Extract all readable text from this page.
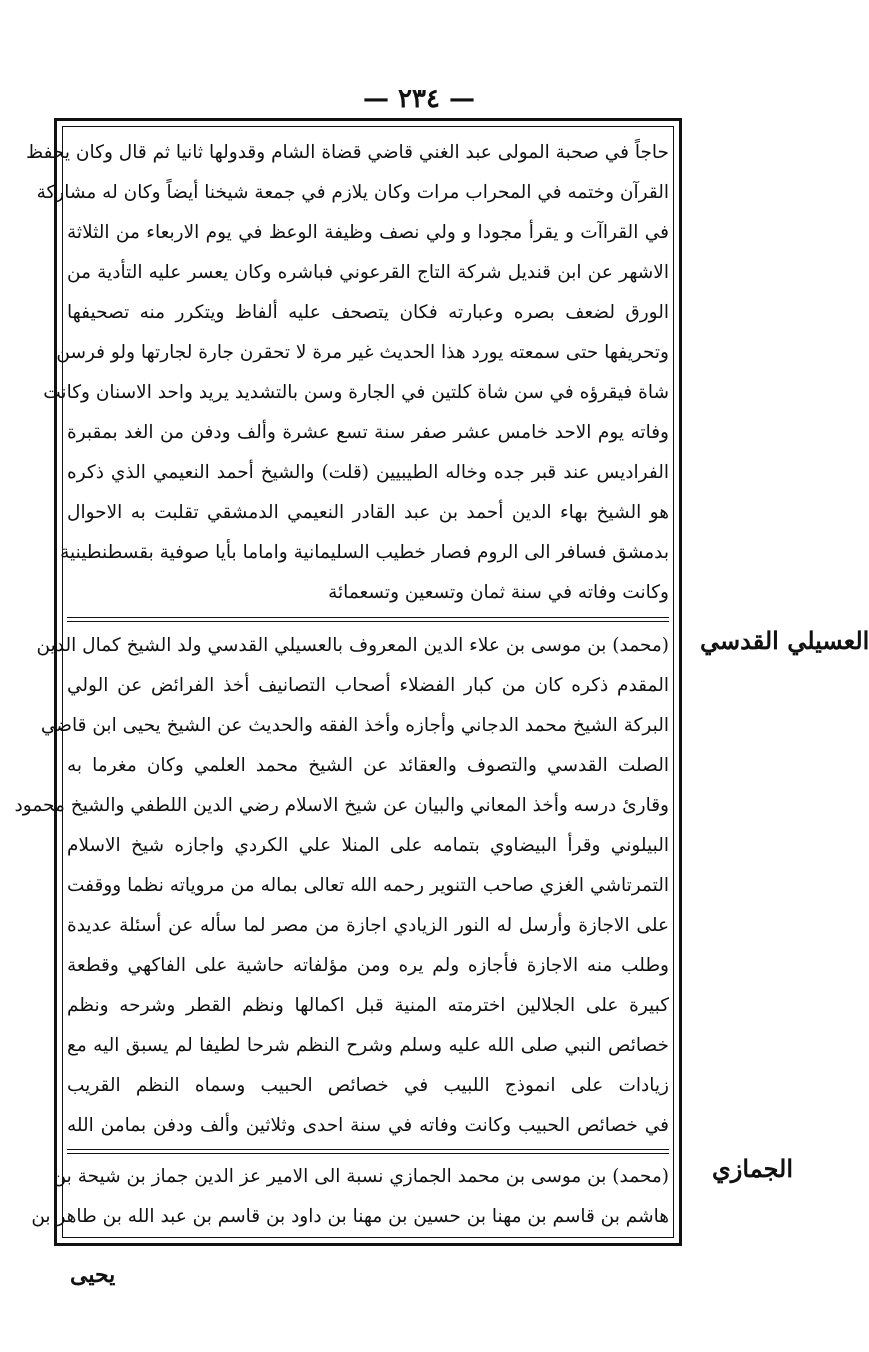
— ٢٣٤ —
حاجاً في صحبة المولى عبد الغني قاضي قضاة الشام وقدولها ثانيا ثم قال وكان يحفظ
القرآن وختمه في المحراب مرات وكان يلازم في جمعة شيخنا أيضاً وكان له مشاركة
في القراآت و يقرأ مجودا و ولي نصف وظيفة الوعظ في يوم الاربعاء من الثلاثة
الاشهر عن ابن قنديل شركة التاج القرعوني فباشره وكان يعسر عليه التأدية من
الورق لضعف بصره وعبارته فكان يتصحف عليه ألفاظ ويتكرر منه تصحيفها
وتحريفها حتى سمعته يورد هذا الحديث غير مرة لا تحقرن جارة لجارتها ولو فرسن
شاة فيقرؤه في سن شاة كلتين في الجارة وسن بالتشديد يريد واحد الاسنان وكانت
وفاته يوم الاحد خامس عشر صفر سنة تسع عشرة وألف ودفن من الغد بمقبرة
الفراديس عند قبر جده وخاله الطيبيين (قلت) والشيخ أحمد النعيمي الذي ذكره
هو الشيخ بهاء الدين أحمد بن عبد القادر النعيمي الدمشقي تقلبت به الاحوال
بدمشق فسافر الى الروم فصار خطيب السليمانية واماما بأيا صوفية بقسطنطينية
وكانت وفاته في سنة ثمان وتسعين وتسعمائة
(محمد) بن موسى بن علاء الدين المعروف بالعسيلي القدسي ولد الشيخ كمال الدين
المقدم ذكره كان من كبار الفضلاء أصحاب التصانيف أخذ الفرائض عن الولي
البركة الشيخ محمد الدجاني وأجازه وأخذ الفقه والحديث عن الشيخ يحيى ابن قاضي
الصلت القدسي والتصوف والعقائد عن الشيخ محمد العلمي وكان مغرما به
وقارئ درسه وأخذ المعاني والبيان عن شيخ الاسلام رضي الدين اللطفي والشيخ محمود
البيلوني وقرأ البيضاوي بتمامه على المنلا علي الكردي واجازه شيخ الاسلام
التمرتاشي الغزي صاحب التنوير رحمه الله تعالى بماله من مروياته نظما ووقفت
على الاجازة وأرسل له النور الزيادي اجازة من مصر لما سأله عن أسئلة عديدة
وطلب منه الاجازة فأجازه ولم يره ومن مؤلفاته حاشية على الفاكهي وقطعة
كبيرة على الجلالين اخترمته المنية قبل اكمالها ونظم القطر وشرحه ونظم
خصائص النبي صلى الله عليه وسلم وشرح النظم شرحا لطيفا لم يسبق اليه مع
زيادات على انموذج اللبيب في خصائص الحبيب وسماه النظم القريب
في خصائص الحبيب وكانت وفاته في سنة احدى وثلاثين وألف ودفن بمامن الله
(محمد) بن موسى بن محمد الجمازي نسبة الى الامير عز الدين جماز بن شيحة بن
هاشم بن قاسم بن مهنا بن حسين بن مهنا بن داود بن قاسم بن عبد الله بن طاهر بن
العسيلي القدسي
الجمازي
يحيى
